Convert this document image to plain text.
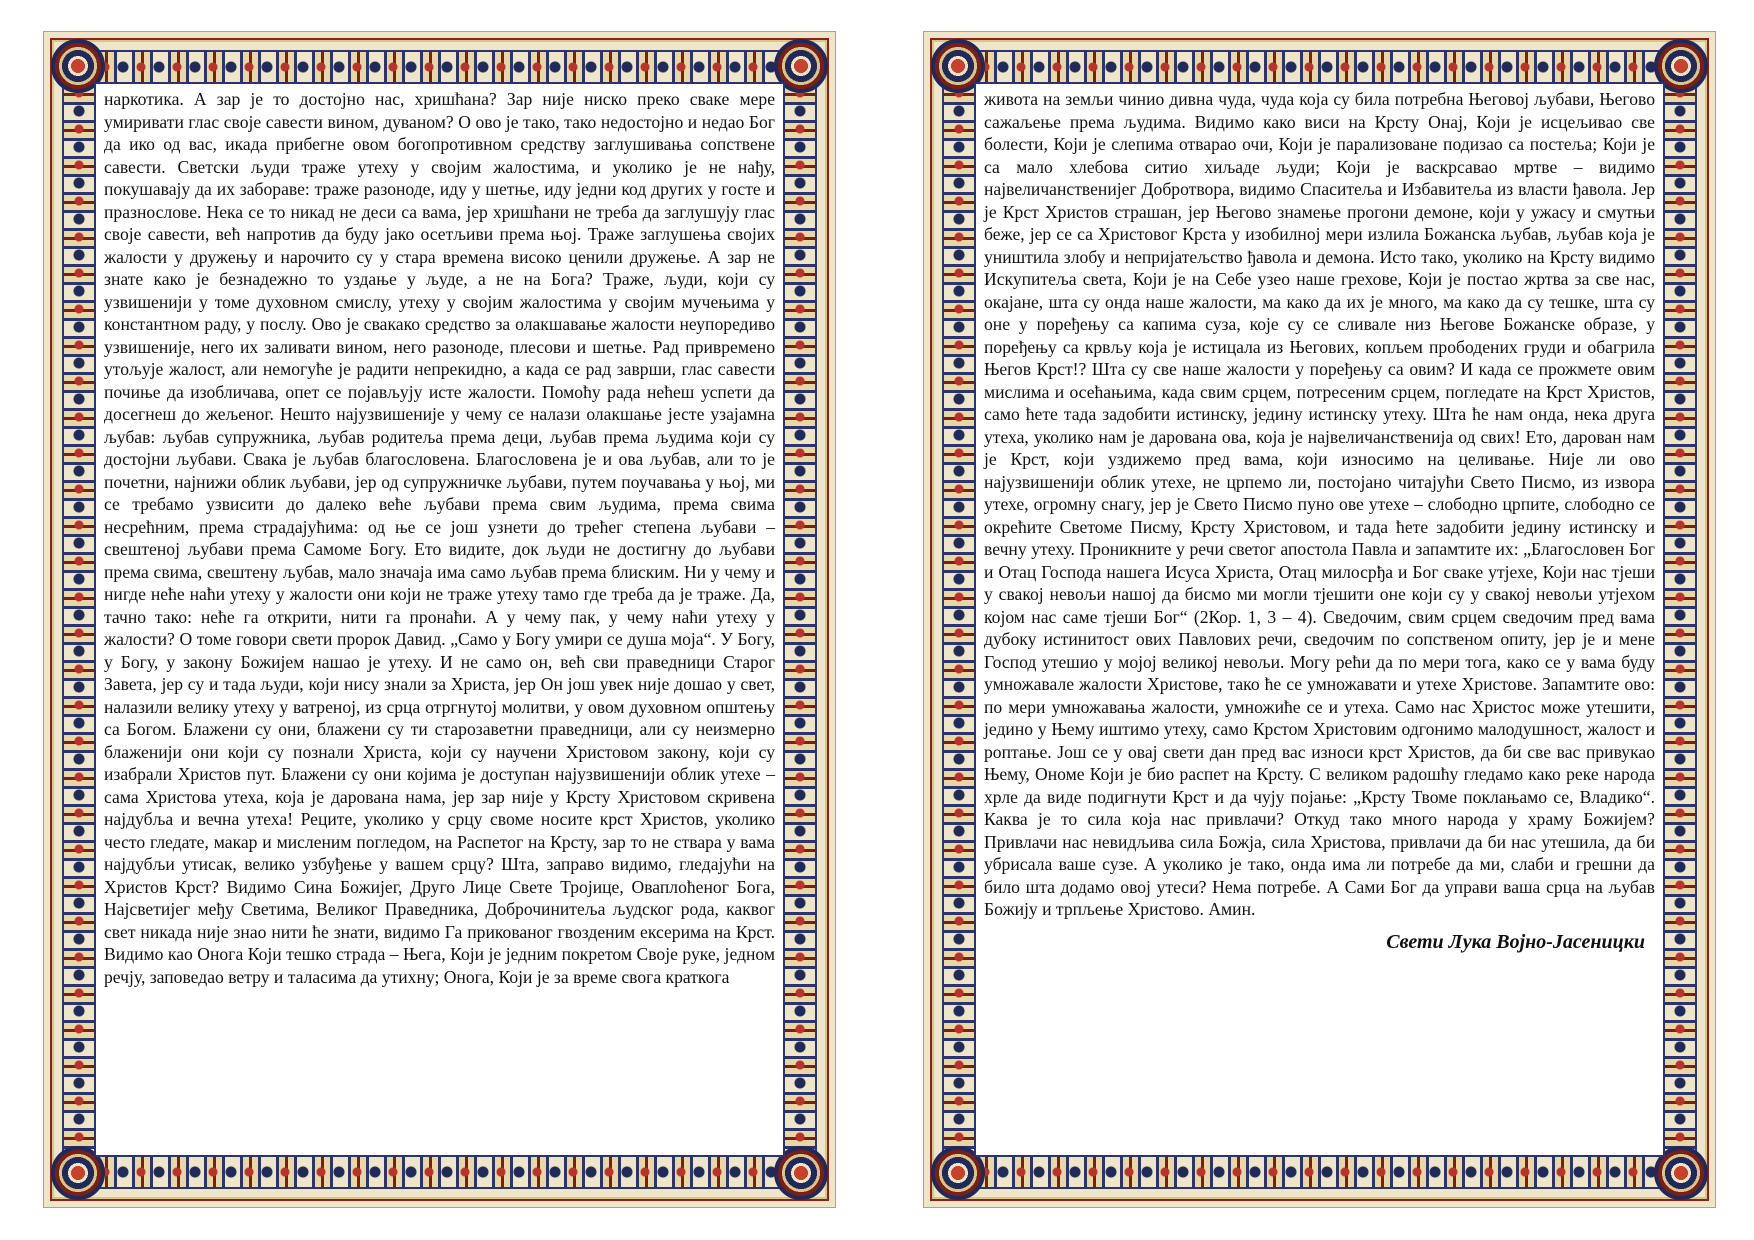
наркотика. А зар је то достојно нас, хришћана? Зар није ниско преко сваке мере умиривати глас своје савести вином, дуваном? О ово је тако, тако недостојно и недао Бог да ико од вас, икада прибегне овом богопротивном средству заглушивања сопствене савести. Светски људи траже утеху у својим жалостима, и уколико је не нађу, покушавају да их забораве: траже разоноде, иду у шетње, иду једни код других у госте и празнослове. Нека се то никад не деси са вама, јер хришћани не треба да заглушују глас своје савести, већ напротив да буду јако осетљиви према њој. Траже заглушења својих жалости у дружењу и нарочито су у стара времена високо ценили дружење. А зар не знате како је безнадежно то уздање у људе, а не на Бога? Траже, људи, који су узвишенији у томе духовном смислу, утеху у својим жалостима у својим мучењима у константном раду, у послу. Ово је свакако средство за олакшавање жалости неупоредиво узвишеније, него их заливати вином, него разоноде, плесови и шетње. Рад привремено утољује жалост, али немогуће је радити непрекидно, а када се рад заврши, глас савести почиње да изобличава, опет се појављују исте жалости. Помоћу рада нећеш успети да досегнеш до жељеног. Нешто најузвишеније у чему се налази олакшање јесте узајамна љубав: љубав супружника, љубав родитеља према деци, љубав према људима који су достојни љубави. Свака је љубав благословена. Благословена је и ова љубав, али то је почетни, најнижи облик љубави, јер од супружничке љубави, путем поучавања у њој, ми се требамо узвисити до далеко веће љубави према свим људима, према свима несрећним, према страдајућима: од ње се још узнети до трећег степена љубави – свештеној љубави према Самоме Богу. Ето видите, док људи не достигну до љубави према свима, свештену љубав, мало значаја има само љубав према блиским. Ни у чему и нигде неће наћи утеху у жалости они који не траже утеху тамо где треба да је траже. Да, тачно тако: неће га открити, нити га пронаћи. А у чему пак, у чему наћи утеху у жалости? О томе говори свети пророк Давид. „Само у Богу умири се душа моја“. У Богу, у Богу, у закону Божијем нашао је утеху. И не само он, већ сви праведници Старог Завета, јер су и тада људи, који нису знали за Христа, јер Он још увек није дошао у свет, налазили велику утеху у ватреној, из срца отргнутој молитви, у овом духовном општењу са Богом. Блажени су они, блажени су ти старозаветни праведници, али су неизмерно блаженији они који су познали Христа, који су научени Христовом закону, који су изабрали Христов пут. Блажени су они којима је доступан најузвишенији облик утехе – сама Христова утеха, која је дарована нама, јер зар није у Крсту Христовом скривена најдубља и вечна утеха! Реците, уколико у срцу своме носите крст Христов, уколико често гледате, макар и мисленим погледом, на Распетог на Крсту, зар то не ствара у вама најдубљи утисак, велико узбуђење у вашем срцу? Шта, заправо видимо, гледајући на Христов Крст? Видимо Сина Божијег, Друго Лице Свете Тројице, Оваплоћеног Бога, Најсветијег међу Светима, Великог Праведника, Доброчинитеља људског рода, каквог свет никада није знао нити ће знати, видимо Га прикованог гвозденим ексерима на Крст. Видимо као Онога Који тешко страда – Њега, Који је једним покретом Своје руке, једном речју, заповедао ветру и таласима да утихну; Онога, Који је за време свога краткога

живота на земљи чинио дивна чуда, чуда која су била потребна Његовој љубави, Његово сажаљење према људима. Видимо како виси на Крсту Онај, Који је исцељивао све болести, Који је слепима отварао очи, Који је парализоване подизао са постеља; Који је са мало хлебова ситио хиљаде људи; Који је васкрсавао мртве – видимо највеличанственијег Добротвора, видимо Спаситеља и Избавитеља из власти ђавола. Јер је Крст Христов страшан, јер Његово знамење прогони демоне, који у ужасу и смутњи беже, јер се са Христовог Крста у изобилној мери излила Божанска љубав, љубав која је уништила злобу и непријатељство ђавола и демона. Исто тако, уколико на Крсту видимо Искупитеља света, Који је на Себе узео наше грехове, Који је постао жртва за све нас, окајане, шта су онда наше жалости, ма како да их је много, ма како да су тешке, шта су оне у поређењу са капима суза, које су се сливале низ Његове Божанске образе, у поређењу са крвљу која је истицала из Његових, копљем прободених груди и обагрила Његов Крст!? Шта су све наше жалости у поређењу са овим? И када се прожмете овим мислима и осећањима, када свим срцем, потресеним срцем, погледате на Крст Христов, само ћете тада задобити истинску, једину истинску утеху. Шта ће нам онда, нека друга утеха, уколико нам је дарована ова, која је највеличанственија од свих! Ето, дарован нам је Крст, који уздижемо пред вама, који износимо на целивање. Није ли ово најузвишенији облик утехе, не црпемо ли, постојано читајући Свето Писмо, из извора утехе, огромну снагу, јер је Свето Писмо пуно ове утехе – слободно црпите, слободно се окрећите Светоме Писму, Крсту Христовом, и тада ћете задобити једину истинску и вечну утеху. Проникните у речи светог апостола Павла и запамтите их: „Благословен Бог и Отац Господа нашега Исуса Христа, Отац милосрђа и Бог сваке утјехе, Који нас тјеши у свакој невољи нашој да бисмо ми могли тјешити оне који су у свакој невољи утјехом којом нас саме тјеши Бог“ (2Кор. 1, 3 – 4). Сведочим, свим срцем сведочим пред вама дубоку истинитост ових Павлових речи, сведочим по сопственом опиту, јер је и мене Господ утешио у мојој великој невољи. Могу рећи да по мери тога, како се у вама буду умножавале жалости Христове, тако ће се умножавати и утехе Христове. Запамтите ово: по мери умножавања жалости, умножиће се и утеха. Само нас Христос може утешити, једино у Њему иштимо утеху, само Крстом Христовим одгонимо малодушност, жалост и роптање. Још се у овај свети дан пред вас износи крст Христов, да би све вас привукао Њему, Ономе Који је био распет на Крсту. С великом радошћу гледамо како реке народа хрле да виде подигнути Крст и да чују појање: „Крсту Твоме поклањамо се, Владико“. Каква је то сила која нас привлачи? Откуд тако много народа у храму Божијем? Привлачи нас невидљива сила Божја, сила Христова, привлачи да би нас утешила, да би убрисала ваше сузе. А уколико је тако, онда има ли потребе да ми, слаби и грешни да било шта додамо овој утеси? Нема потребе. А Сами Бог да управи ваша срца на љубав Божију и трпљење Христово. Амин.

Свети Лука Војно-Јасеницки
